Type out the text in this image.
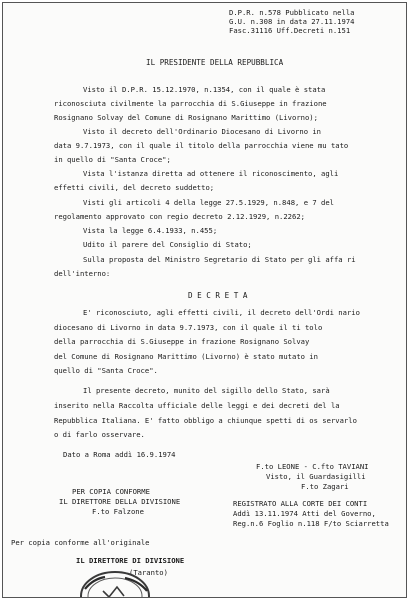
D.P.R. n.578 Pubblicato nella
G.U. n.308 in data 27.11.1974
Fasc.31116 Uff.Decreti n.151
IL PRESIDENTE DELLA REPUBBLICA
Visto il D.P.R. 15.12.1970, n.1354, con il quale è stata
riconosciuta civilmente la parrocchia di S.Giuseppe in frazione
Rosignano Solvay del Comune di Rosignano Marittimo (Livorno);
Visto il decreto dell'Ordinario Diocesano di Livorno in
data 9.7.1973, con il quale il titolo della parrocchia viene mu tato
in quello di "Santa Croce";
Vista l'istanza diretta ad ottenere il riconoscimento, agli
effetti civili, del decreto suddetto;
Visti gli articoli 4 della legge 27.5.1929, n.848, e 7 del
regolamento approvato con regio decreto 2.12.1929, n.2262;
Vista la legge 6.4.1933, n.455;
Udito il parere del Consiglio di Stato;
Sulla proposta del Ministro Segretario di Stato per gli affa ri
dell'interno:
D E C R E T A
E' riconosciuto, agli effetti civili, il decreto dell'Ordi nario
diocesano di Livorno in data 9.7.1973, con il quale il ti tolo
della parrocchia di S.Giuseppe in frazione Rosignano Solvay
del Comune di Rosignano Marittimo (Livorno) è stato mutato in
quello di "Santa Croce".
Il presente decreto, munito del sigillo dello Stato, sarà
inserito nella Raccolta ufficiale delle leggi e dei decreti del la
Repubblica Italiana. E' fatto obbligo a chiunque spetti di os servarlo
o di farlo osservare.
Dato a Roma addì 16.9.1974
F.to LEONE - C.fto TAVIANI
Visto, il Guardasigilli
F.to Zagari
PER COPIA CONFORME
IL DIRETTORE DELLA DIVISIONE
F.to Falzone
REGISTRATO ALLA CORTE DEI CONTI
Addì 13.11.1974 Atti del Governo,
Reg.n.6 Foglio n.118 F/to Sciarretta
Per copia conforme all'originale
IL DIRETTORE DI DIVISIONE
(Taranto)
